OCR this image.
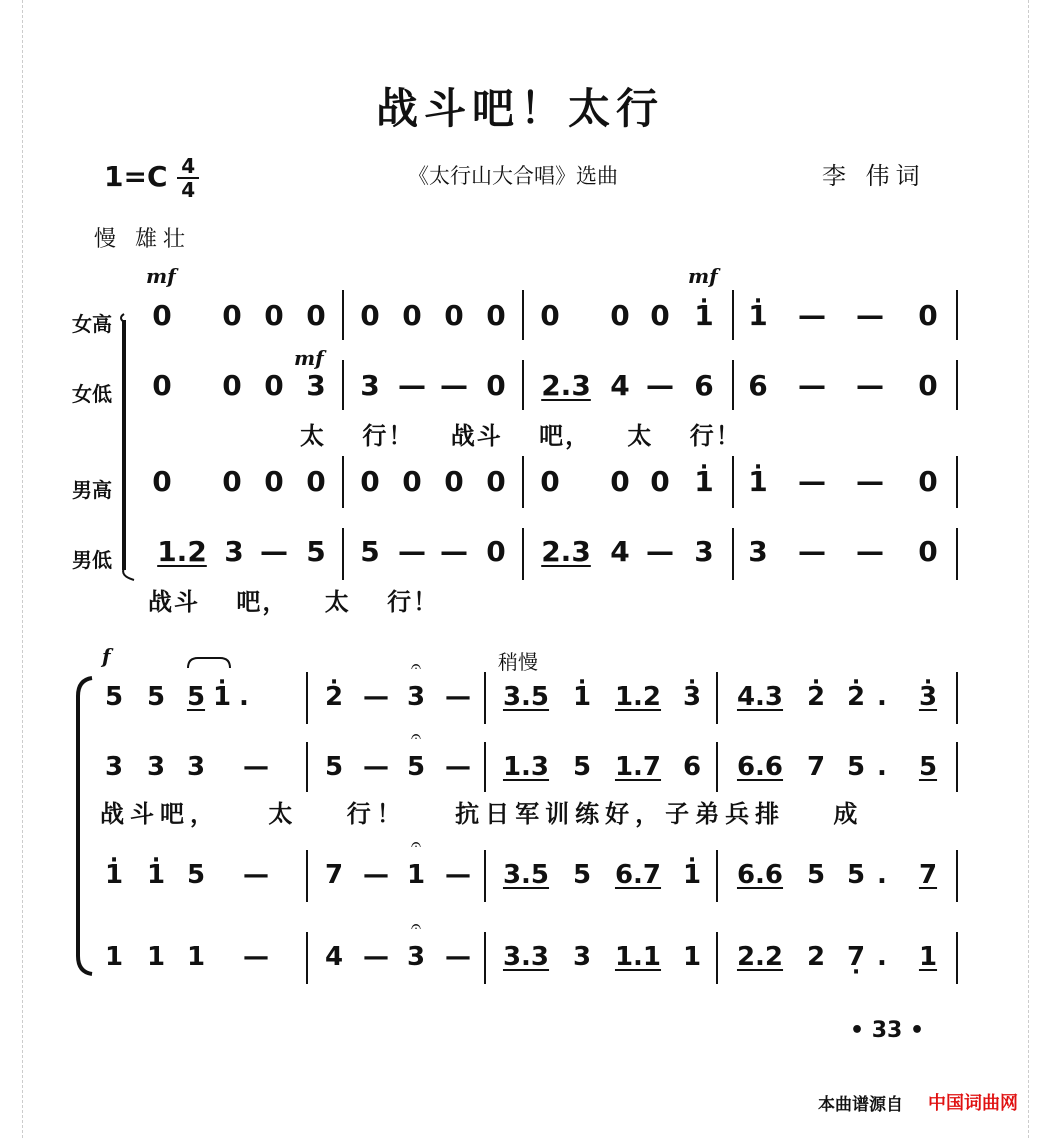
战斗吧！太行
$1=C \frac{4}{4}$	《太行山大合唱》选曲	李 伟词
慢 雄壮
mf
mf
mf
女高
女低
男高
男低
0 0 0 0 0 0 0 0 0 0 0 · 1 · 1 — — 0
0 0 0 3 3 — — 0 2.3 4 — 6 6 — — 0
太 行！ 战斗 吧， 太 行！
0 0 0 0 0 0 0 0 0 0 0 · 1 · 1 — — 0
1.2 3 — 5 5 — — 0 2.3 4 — 3 3 — — 0
战斗 吧， 太 行！
f	稍慢
5 5 5 · 1 .	· 2 — 𝄐 3 — 3.5 · 1 1.2 · 3 4.3 · 2 · 2 . · 3
3 3 3 — 5 — 𝄐 5 — 1.3 5 1.7 6 6.6 7 5 . 5
战斗吧， 太 行！ 抗日军训练好，子弟兵排 成
· 1 · 1 5 — 7 — 𝄐 1 — 3.5 5 6.7 · 1 6.6 5 5 . 7
1 1 1 — 4 — 𝄐 3 — 3.3 3 1.1 1 2.2 2 7 · . 1
• 33 •
本曲谱源自 中国词曲网
